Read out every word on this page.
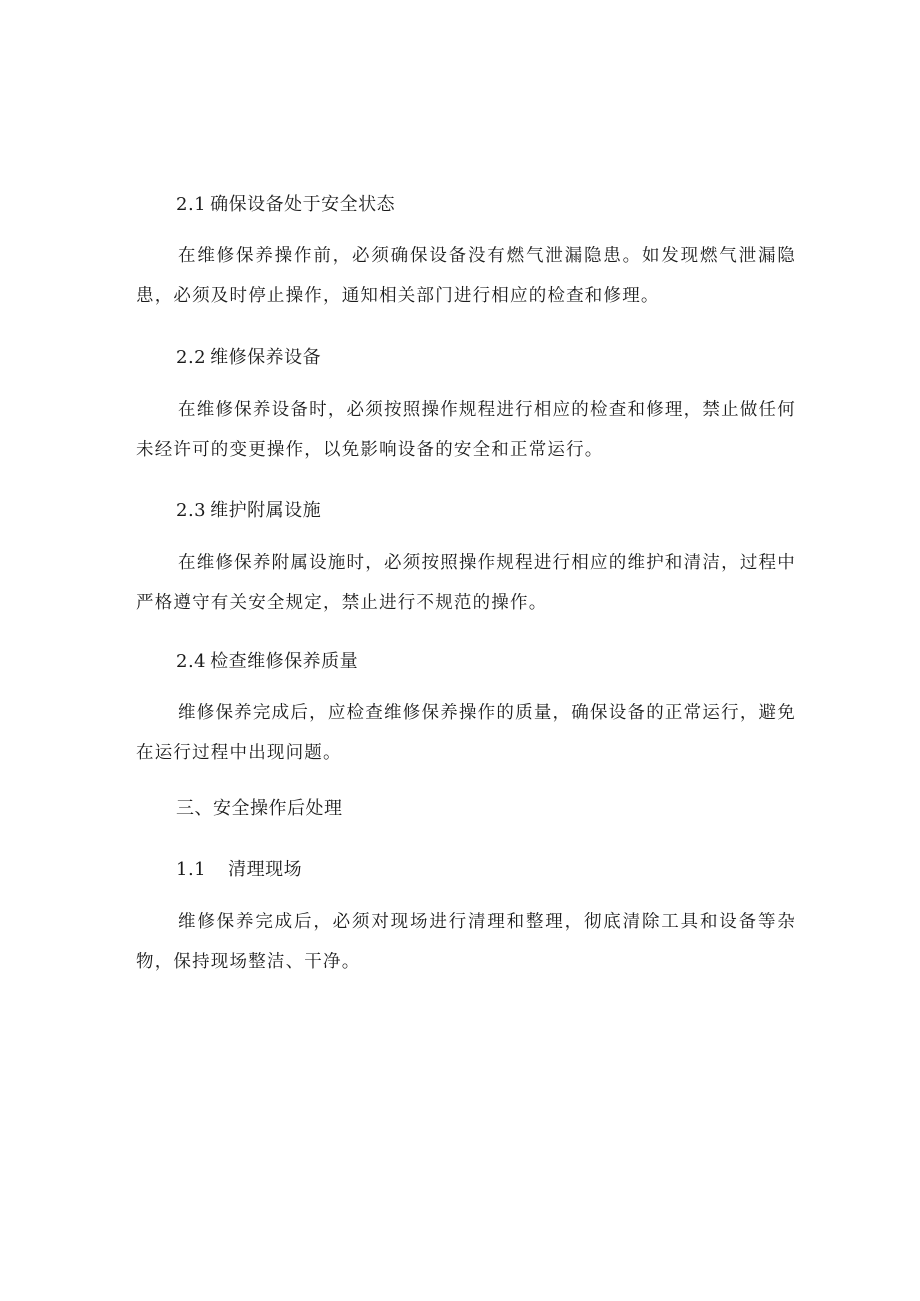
2.1 确保设备处于安全状态

在维修保养操作前，必须确保设备没有燃气泄漏隐患。如发现燃气泄漏隐患，必须及时停止操作，通知相关部门进行相应的检查和修理。

2.2 维修保养设备

在维修保养设备时，必须按照操作规程进行相应的检查和修理，禁止做任何未经许可的变更操作，以免影响设备的安全和正常运行。

2.3 维护附属设施

在维修保养附属设施时，必须按照操作规程进行相应的维护和清洁，过程中严格遵守有关安全规定，禁止进行不规范的操作。

2.4 检查维修保养质量

维修保养完成后，应检查维修保养操作的质量，确保设备的正常运行，避免在运行过程中出现问题。

三、安全操作后处理
1.1 清理现场

维修保养完成后，必须对现场进行清理和整理，彻底清除工具和设备等杂物，保持现场整洁、干净。
